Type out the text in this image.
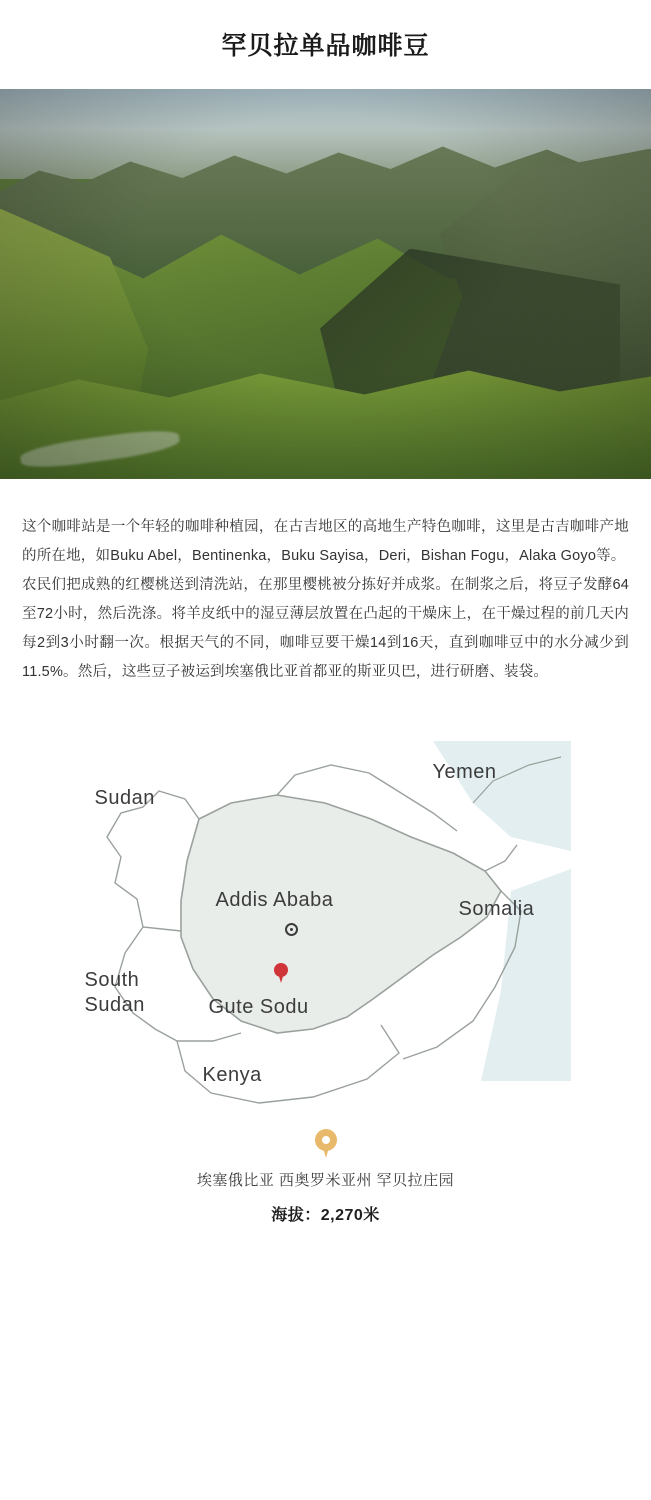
罕贝拉单品咖啡豆

这个咖啡站是一个年轻的咖啡种植园，在古吉地区的高地生产特色咖啡，这里是古吉咖啡产地的所在地，如Buku Abel，Bentinenka，Buku Sayisa，Deri，Bishan Fogu，Alaka Goyo等。

农民们把成熟的红樱桃送到清洗站，在那里樱桃被分拣好并成浆。在制浆之后，将豆子发酵64至72小时，然后洗涤。将羊皮纸中的湿豆薄层放置在凸起的干燥床上，在干燥过程的前几天内每2到3小时翻一次。根据天气的不同，咖啡豆要干燥14到16天，直到咖啡豆中的水分减少到11.5%。然后，这些豆子被运到埃塞俄比亚首都亚的斯亚贝巴，进行研磨、装袋。

Sudan
Yemen
Somalia
South
Sudan
Kenya
Addis Ababa
Gute Sodu
埃塞俄比亚 西奥罗米亚州 罕贝拉庄园
海拔：2,270米
